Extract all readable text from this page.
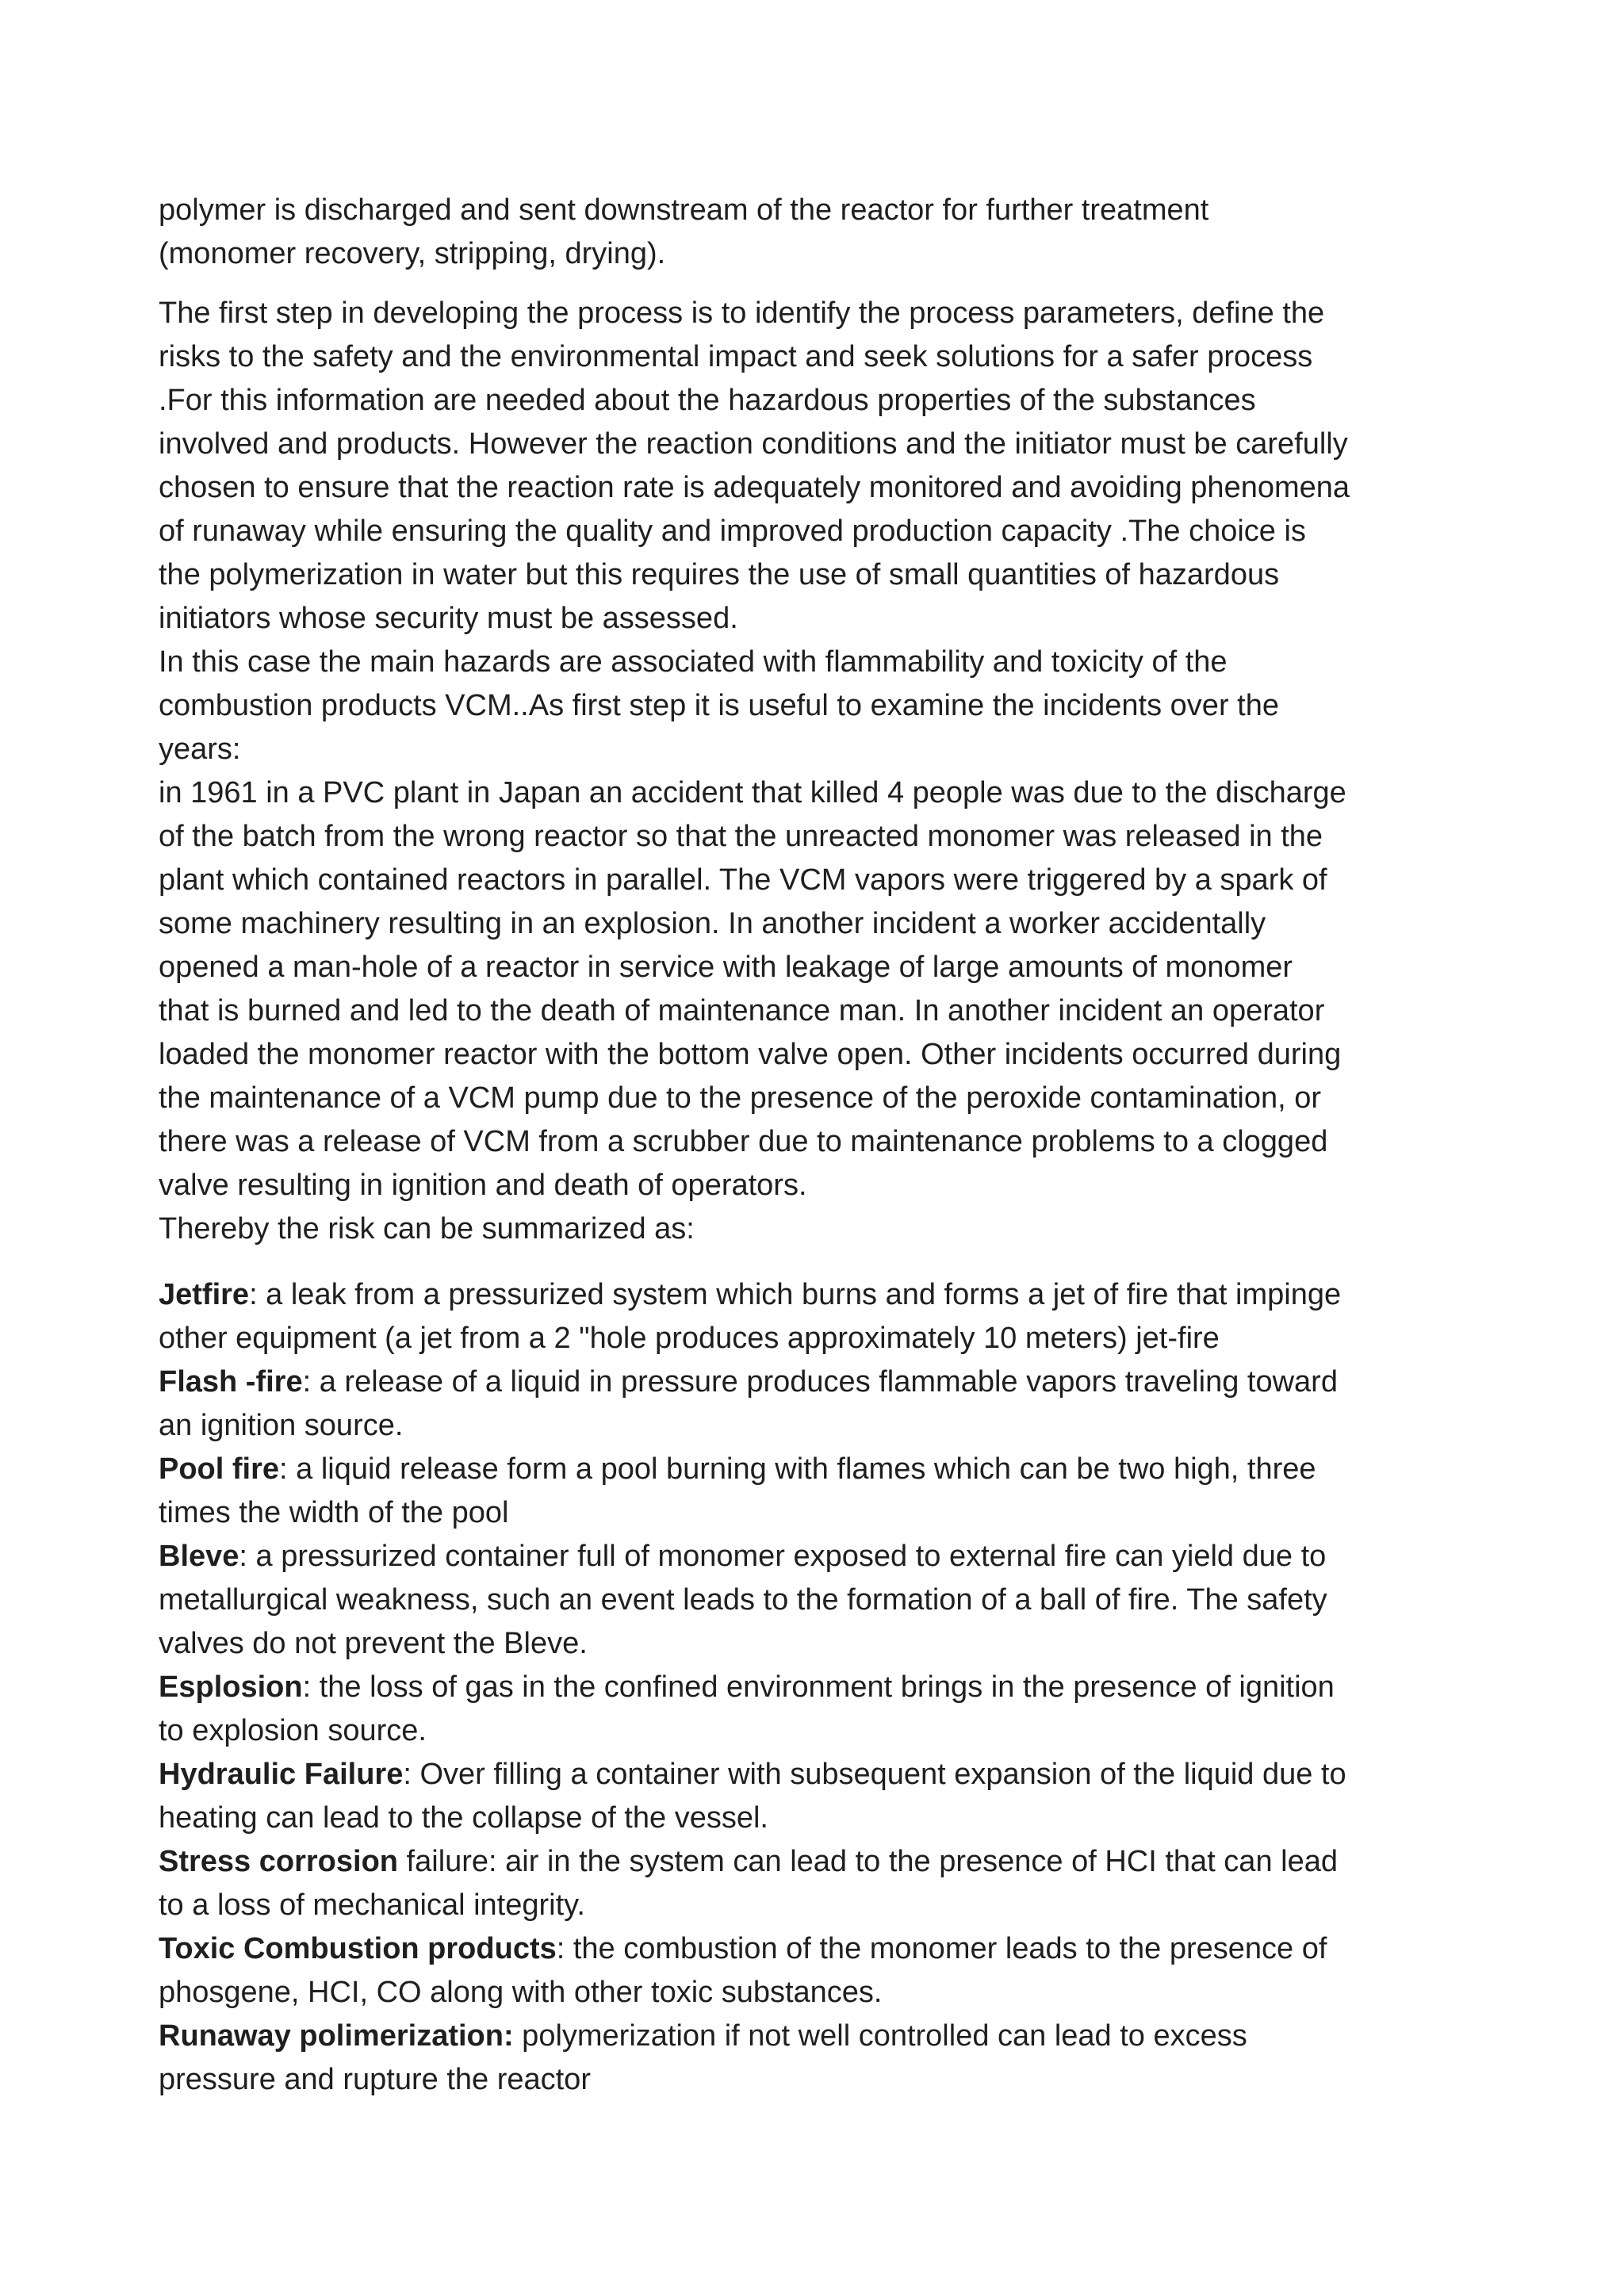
polymer is discharged and sent downstream of the reactor for further treatment
(monomer recovery, stripping, drying).

The first step in developing the process is to identify the process parameters, define the
risks to the safety and the environmental impact and seek solutions for a safer process
.For this information are needed about the hazardous properties of the substances
involved and products. However the reaction conditions and the initiator must be carefully
chosen to ensure that the reaction rate is adequately monitored and avoiding phenomena
of runaway while ensuring the quality and improved production capacity .The choice is
the polymerization in water but this requires the use of small quantities of hazardous
initiators whose security must be assessed.
In this case the main hazards are associated with flammability and toxicity of the
combustion products VCM..As first step it is useful to examine the incidents over the
years:
in 1961 in a PVC plant in Japan an accident that killed 4 people was due to the discharge
of the batch from the wrong reactor so that the unreacted monomer was released in the
plant which contained reactors in parallel. The VCM vapors were triggered by a spark of
some machinery resulting in an explosion. In another incident a worker accidentally
opened a man-hole of a reactor in service with leakage of large amounts of monomer
that is burned and led to the death of maintenance man. In another incident an operator
loaded the monomer reactor with the bottom valve open. Other incidents occurred during
the maintenance of a VCM pump due to the presence of the peroxide contamination, or
there was a release of VCM from a scrubber due to maintenance problems to a clogged
valve resulting in ignition and death of operators.
Thereby the risk can be summarized as:

Jetfire: a leak from a pressurized system which burns and forms a jet of fire that impinge
other equipment (a jet from a 2 "hole produces approximately 10 meters) jet-fire

Flash -fire: a release of a liquid in pressure produces flammable vapors traveling toward
an ignition source.

Pool fire: a liquid release form a pool burning with flames which can be two high, three
times the width of the pool

Bleve: a pressurized container full of monomer exposed to external fire can yield due to
metallurgical weakness, such an event leads to the formation of a ball of fire. The safety
valves do not prevent the Bleve.

Esplosion: the loss of gas in the confined environment brings in the presence of ignition
to explosion source.

Hydraulic Failure: Over filling a container with subsequent expansion of the liquid due to
heating can lead to the collapse of the vessel.

Stress corrosion failure: air in the system can lead to the presence of HCI that can lead
to a loss of mechanical integrity.

Toxic Combustion products: the combustion of the monomer leads to the presence of
phosgene, HCI, CO along with other toxic substances.

Runaway polimerization: polymerization if not well controlled can lead to excess
pressure and rupture the reactor
